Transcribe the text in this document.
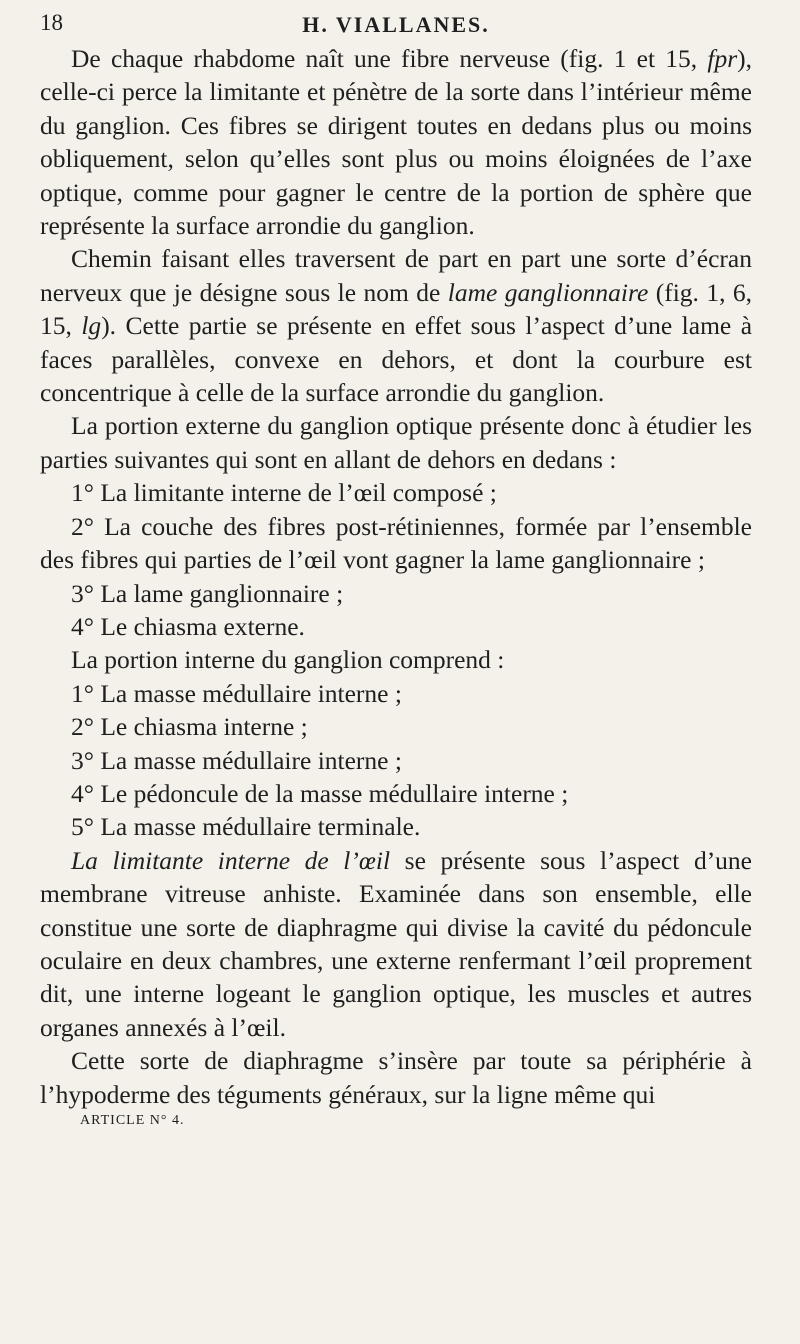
18	H. VIALLANES.

De chaque rhabdome naît une fibre nerveuse (fig. 1 et 15, fpr), celle-ci perce la limitante et pénètre de la sorte dans l’intérieur même du ganglion. Ces fibres se dirigent toutes en dedans plus ou moins obliquement, selon qu’elles sont plus ou moins éloignées de l’axe optique, comme pour gagner le centre de la portion de sphère que représente la surface arrondie du ganglion.

Chemin faisant elles traversent de part en part une sorte d’écran nerveux que je désigne sous le nom de lame ganglionnaire (fig. 1, 6, 15, lg). Cette partie se présente en effet sous l’aspect d’une lame à faces parallèles, convexe en dehors, et dont la courbure est concentrique à celle de la surface arrondie du ganglion.

La portion externe du ganglion optique présente donc à étudier les parties suivantes qui sont en allant de dehors en dedans :

1° La limitante interne de l’œil composé ;

2° La couche des fibres post-rétiniennes, formée par l’ensemble des fibres qui parties de l’œil vont gagner la lame ganglionnaire ;

3° La lame ganglionnaire ;

4° Le chiasma externe.

La portion interne du ganglion comprend :

1° La masse médullaire interne ;

2° Le chiasma interne ;

3° La masse médullaire interne ;

4° Le pédoncule de la masse médullaire interne ;

5° La masse médullaire terminale.

La limitante interne de l’œil se présente sous l’aspect d’une membrane vitreuse anhiste. Examinée dans son ensemble, elle constitue une sorte de diaphragme qui divise la cavité du pédoncule oculaire en deux chambres, une externe renfermant l’œil proprement dit, une interne logeant le ganglion optique, les muscles et autres organes annexés à l’œil.

Cette sorte de diaphragme s’insère par toute sa périphérie à l’hypoderme des téguments généraux, sur la ligne même qui

ARTICLE N° 4.
